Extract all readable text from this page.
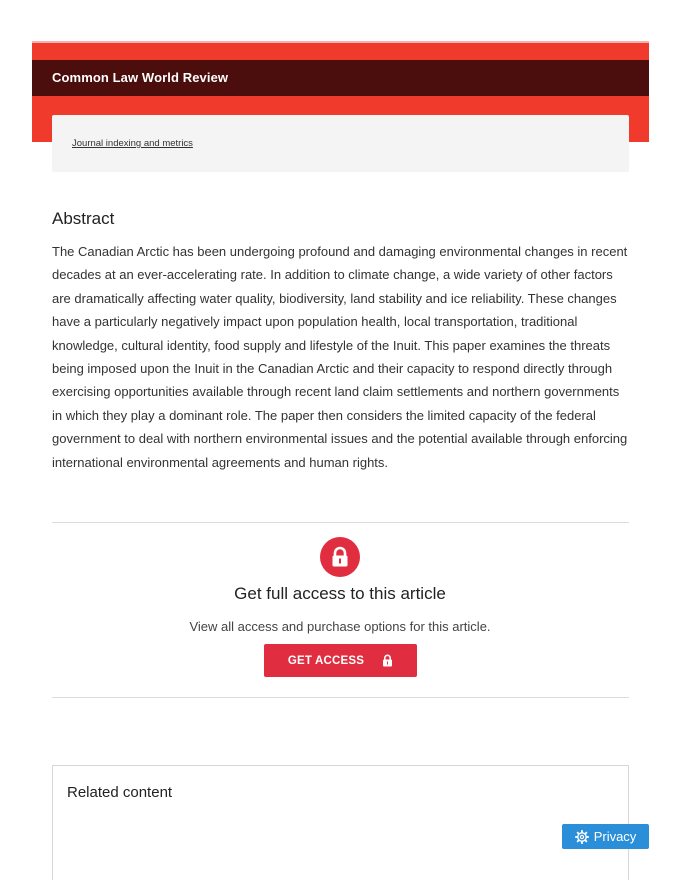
Common Law World Review
Journal indexing and metrics
Abstract

The Canadian Arctic has been undergoing profound and damaging environmental changes in recent decades at an ever-accelerating rate. In addition to climate change, a wide variety of other factors are dramatically affecting water quality, biodiversity, land stability and ice reliability. These changes have a particularly negatively impact upon population health, local transportation, traditional knowledge, cultural identity, food supply and lifestyle of the Inuit. This paper examines the threats being imposed upon the Inuit in the Canadian Arctic and their capacity to respond directly through exercising opportunities available through recent land claim settlements and northern governments in which they play a dominant role. The paper then considers the limited capacity of the federal government to deal with northern environmental issues and the potential available through enforcing international environmental agreements and human rights.

Get full access to this article
View all access and purchase options for this article.
GET ACCESS
Related content
Privacy
